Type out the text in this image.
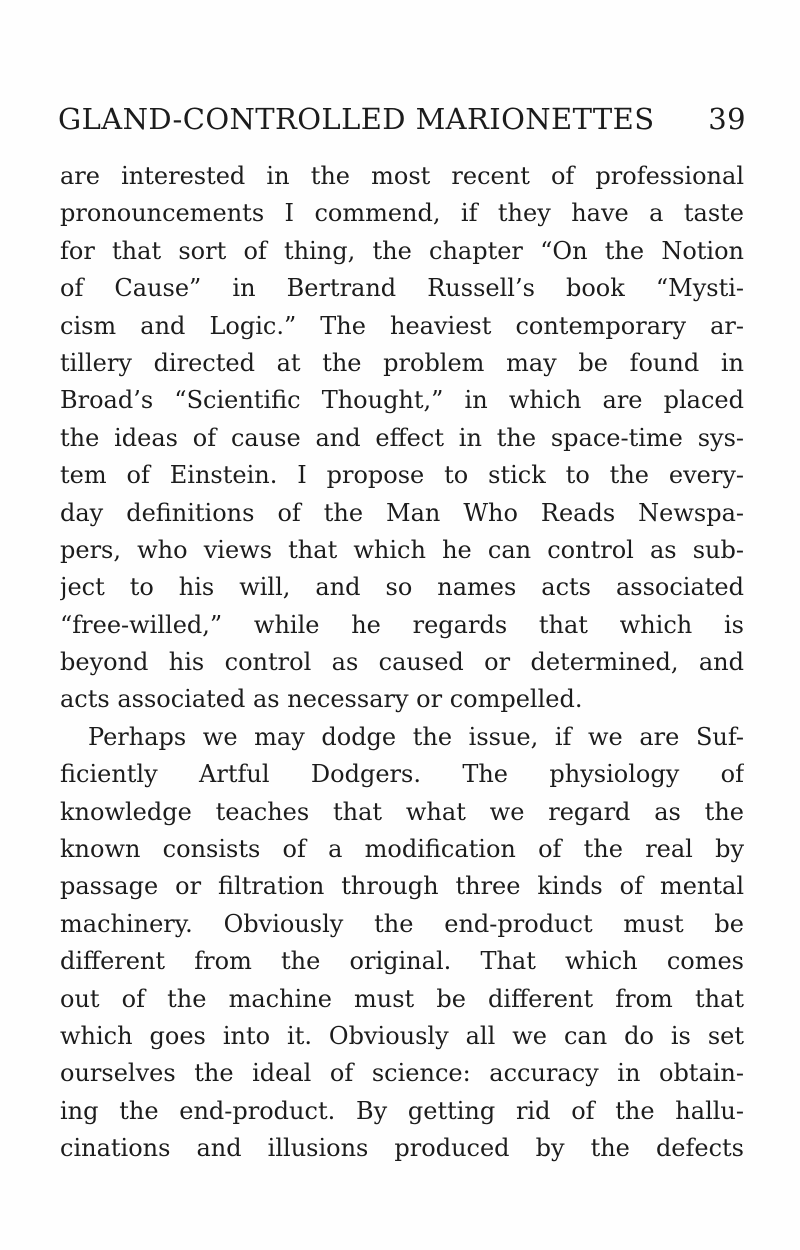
GLAND-CONTROLLED MARIONETTES 39
are interested in the most recent of professional
pronouncements I commend, if they have a taste
for that sort of thing, the chapter “On the Notion
of Cause” in Bertrand Russell’s book “Mysti-
cism and Logic.” The heaviest contemporary ar-
tillery directed at the problem may be found in
Broad’s “Scientific Thought,” in which are placed
the ideas of cause and effect in the space-time sys-
tem of Einstein. I propose to stick to the every-
day definitions of the Man Who Reads Newspa-
pers, who views that which he can control as sub-
ject to his will, and so names acts associated
“free-willed,” while he regards that which is
beyond his control as caused or determined, and
acts associated as necessary or compelled.
Perhaps we may dodge the issue, if we are Suf-
ficiently Artful Dodgers. The physiology of
knowledge teaches that what we regard as the
known consists of a modification of the real by
passage or filtration through three kinds of mental
machinery. Obviously the end-product must be
different from the original. That which comes
out of the machine must be different from that
which goes into it. Obviously all we can do is set
ourselves the ideal of science: accuracy in obtain-
ing the end-product. By getting rid of the hallu-
cinations and illusions produced by the defects
